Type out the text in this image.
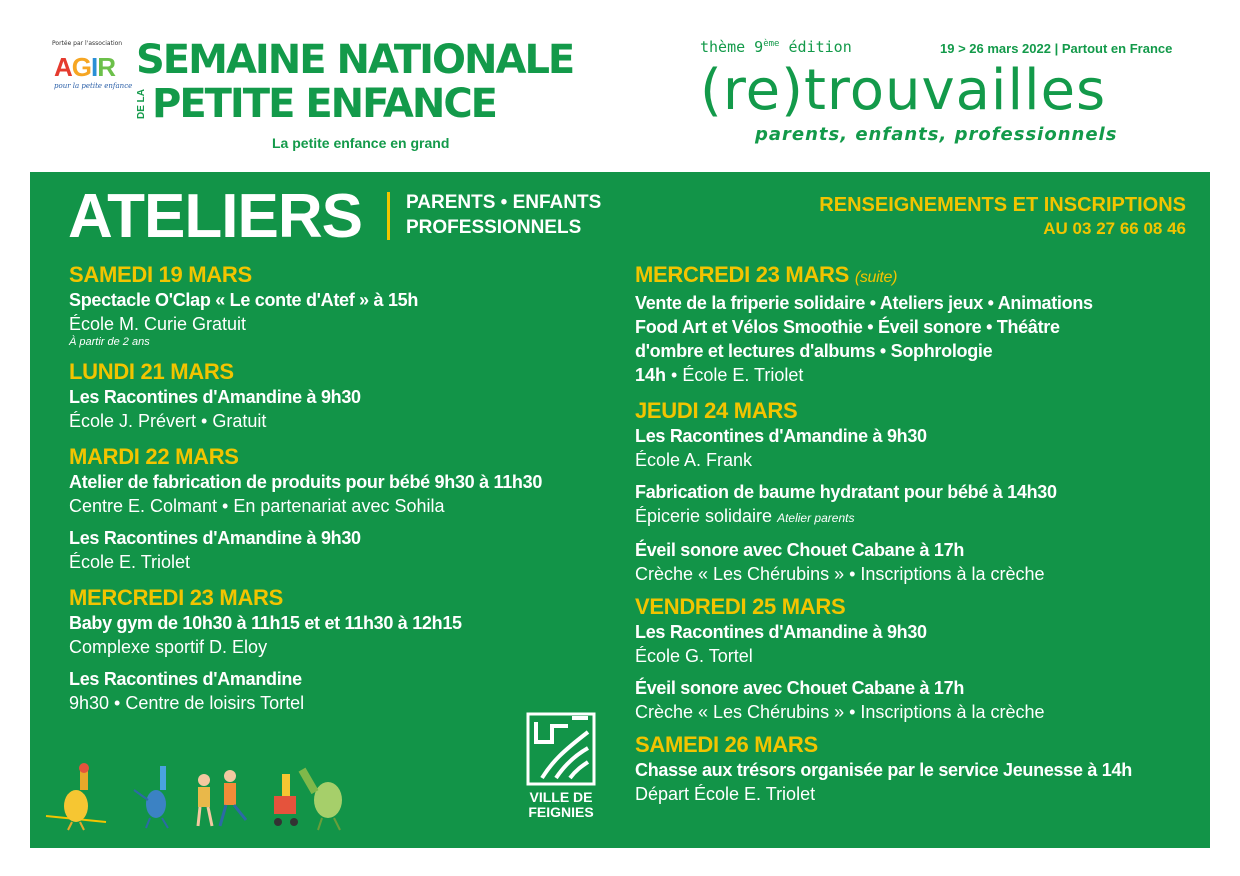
Portée par l'association
AGIR
pour la petite enfance
SEMAINE NATIONALE
DE LA PETITE ENFANCE
La petite enfance en grand
thème 9ème édition	19 > 26 mars 2022 | Partout en France
(re)trouvailles
parents, enfants, professionnels
ATELIERS PARENTS • ENFANTS
PROFESSIONNELS
RENSEIGNEMENTS ET INSCRIPTIONS
AU 03 27 66 08 46
SAMEDI 19 MARS
Spectacle O'Clap « Le conte d'Atef » à 15h
École M. Curie Gratuit
À partir de 2 ans
LUNDI 21 MARS
Les Racontines d'Amandine à 9h30
École J. Prévert • Gratuit
MARDI 22 MARS
Atelier de fabrication de produits pour bébé 9h30 à 11h30
Centre E. Colmant • En partenariat avec Sohila
Les Racontines d'Amandine à 9h30
École E. Triolet
MERCREDI 23 MARS
Baby gym de 10h30 à 11h15 et et 11h30 à 12h15
Complexe sportif D. Eloy
Les Racontines d'Amandine
9h30 • Centre de loisirs Tortel
MERCREDI 23 MARS (suite)
Vente de la friperie solidaire • Ateliers jeux • Animations
Food Art et Vélos Smoothie • Éveil sonore • Théâtre
d'ombre et lectures d'albums • Sophrologie
14h • École E. Triolet
JEUDI 24 MARS
Les Racontines d'Amandine à 9h30
École A. Frank
Fabrication de baume hydratant pour bébé à 14h30
Épicerie solidaire Atelier parents
Éveil sonore avec Chouet Cabane à 17h
Crèche « Les Chérubins » • Inscriptions à la crèche
VENDREDI 25 MARS
Les Racontines d'Amandine à 9h30
École G. Tortel
Éveil sonore avec Chouet Cabane à 17h
Crèche « Les Chérubins » • Inscriptions à la crèche
SAMEDI 26 MARS
Chasse aux trésors organisée par le service Jeunesse à 14h
Départ École E. Triolet
VILLE DE
FEIGNIES
